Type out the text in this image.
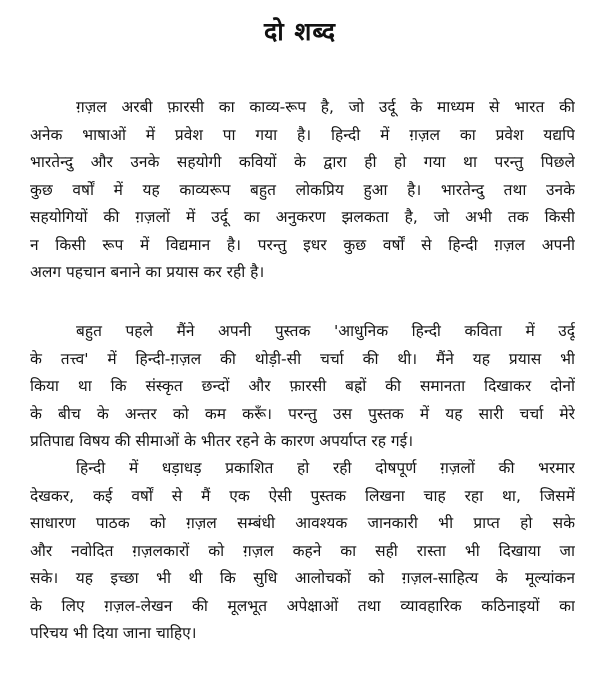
दो शब्द
ग़ज़ल अरबी फ़ारसी का काव्य-रूप है, जो उर्दू के माध्यम से भारत की
अनेक भाषाओं में प्रवेश पा गया है। हिन्दी में ग़ज़ल का प्रवेश यद्यपि
भारतेन्दु और उनके सहयोगी कवियों के द्वारा ही हो गया था परन्तु पिछले
कुछ वर्षों में यह काव्यरूप बहुत लोकप्रिय हुआ है। भारतेन्दु तथा उनके
सहयोगियों की ग़ज़लों में उर्दू का अनुकरण झलकता है, जो अभी तक किसी
न किसी रूप में विद्यमान है। परन्तु इधर कुछ वर्षों से हिन्दी ग़ज़ल अपनी
अलग पहचान बनाने का प्रयास कर रही है।
बहुत पहले मैंने अपनी पुस्तक 'आधुनिक हिन्दी कविता में उर्दू
के तत्त्व' में हिन्दी-ग़ज़ल की थोड़ी-सी चर्चा की थी। मैंने यह प्रयास भी
किया था कि संस्कृत छन्दों और फ़ारसी बह्रों की समानता दिखाकर दोनों
के बीच के अन्तर को कम करूँ। परन्तु उस पुस्तक में यह सारी चर्चा मेरे
प्रतिपाद्य विषय की सीमाओं के भीतर रहने के कारण अपर्याप्त रह गई।
हिन्दी में धड़ाधड़ प्रकाशित हो रही दोषपूर्ण ग़ज़लों की भरमार
देखकर, कई वर्षों से मैं एक ऐसी पुस्तक लिखना चाह रहा था, जिसमें
साधारण पाठक को ग़ज़ल सम्बंधी आवश्यक जानकारी भी प्राप्त हो सके
और नवोदित ग़ज़लकारों को ग़ज़ल कहने का सही रास्ता भी दिखाया जा
सके। यह इच्छा भी थी कि सुधि आलोचकों को ग़ज़ल-साहित्य के मूल्यांकन
के लिए ग़ज़ल-लेखन की मूलभूत अपेक्षाओं तथा व्यावहारिक कठिनाइयों का
परिचय भी दिया जाना चाहिए।
